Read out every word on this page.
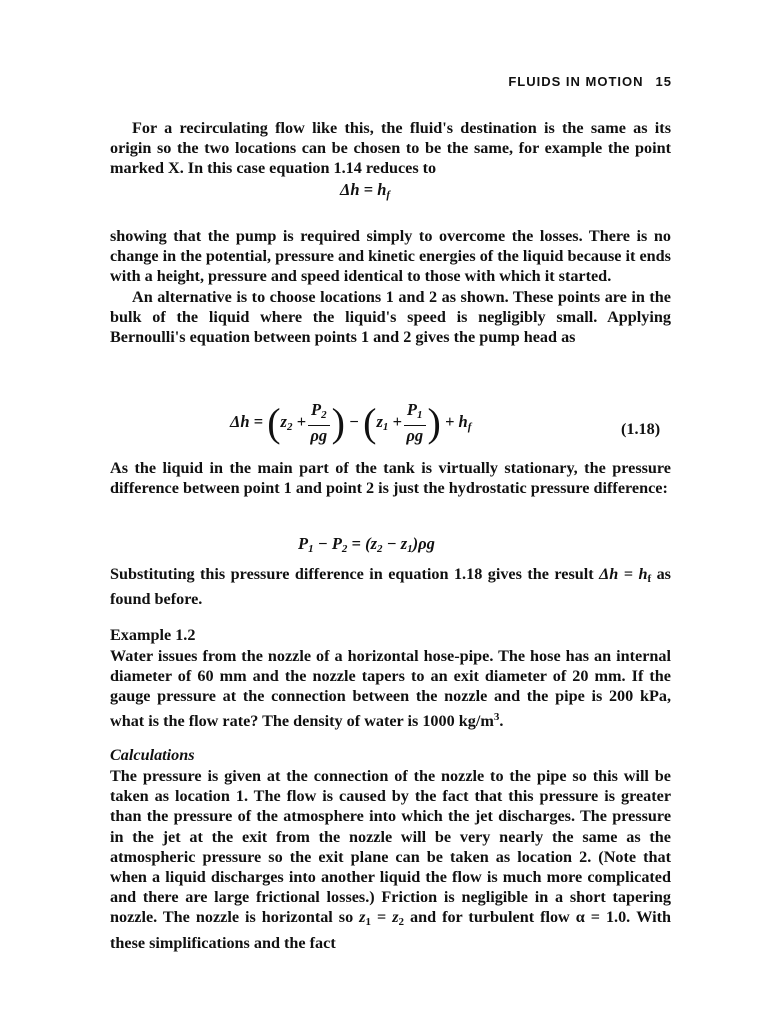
FLUIDS IN MOTION 15

For a recirculating flow like this, the fluid's destination is the same as its origin so the two locations can be chosen to be the same, for example the point marked X. In this case equation 1.14 reduces to

$\Delta h = h_f$

showing that the pump is required simply to overcome the losses. There is no change in the potential, pressure and kinetic energies of the liquid because it ends with a height, pressure and speed identical to those with which it started.

An alternative is to choose locations 1 and 2 as shown. These points are in the bulk of the liquid where the liquid's speed is negligibly small. Applying Bernoulli's equation between points 1 and 2 gives the pump head as

$\Delta h = (z_2 + \frac{P_2}{\rho g}$ ) − ($z_1 + \frac{P_1}{\rho g}$ ) + $h_f$	(1.18)

As the liquid in the main part of the tank is virtually stationary, the pressure difference between point 1 and point 2 is just the hydrostatic pressure difference:

$P_1 - P_2 = (z_2 - z_1)\rho g$

Substituting this pressure difference in equation 1.18 gives the result $\Delta h = h_f$ as found before.

Example 1.2

Water issues from the nozzle of a horizontal hose-pipe. The hose has an internal diameter of 60 mm and the nozzle tapers to an exit diameter of 20 mm. If the gauge pressure at the connection between the nozzle and the pipe is 200 kPa, what is the flow rate? The density of water is 1000 $kg/m^3$.

Calculations

The pressure is given at the connection of the nozzle to the pipe so this will be taken as location 1. The flow is caused by the fact that this pressure is greater than the pressure of the atmosphere into which the jet discharges. The pressure in the jet at the exit from the nozzle will be very nearly the same as the atmospheric pressure so the exit plane can be taken as location 2. (Note that when a liquid discharges into another liquid the flow is much more complicated and there are large frictional losses.) Friction is negligible in a short tapering nozzle. The nozzle is horizontal so $z_1 = z_2$ and for turbulent flow α = 1.0. With these simplifications and the fact
